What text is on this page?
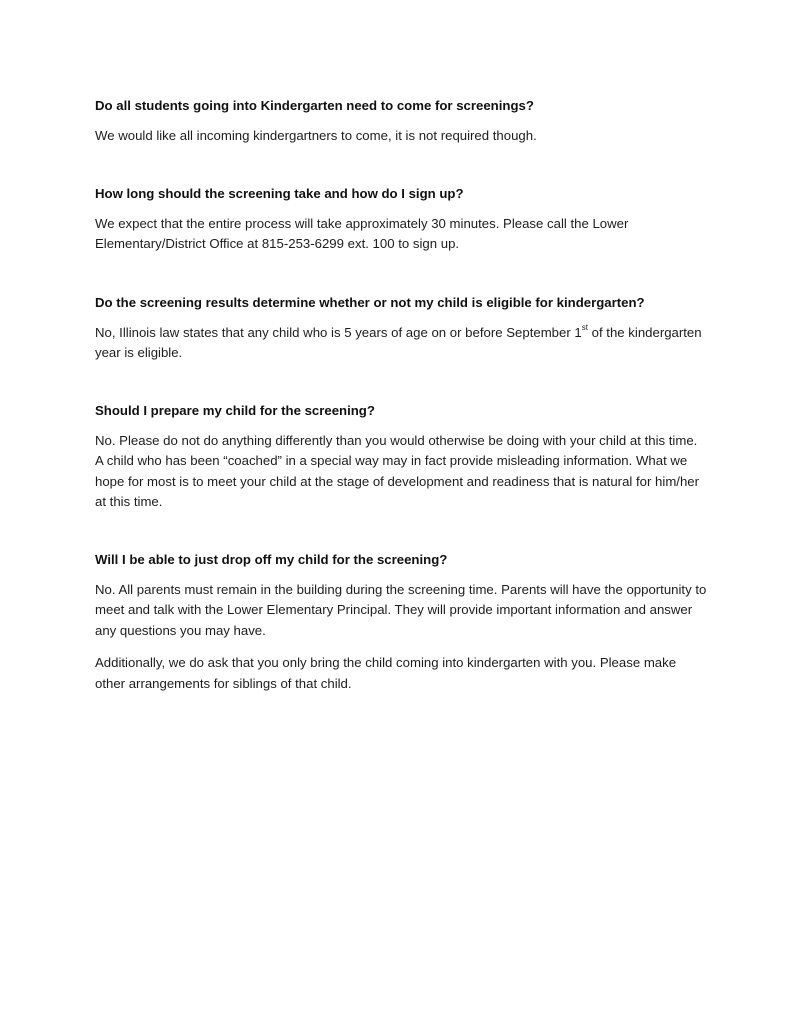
Do all students going into Kindergarten need to come for screenings?

We would like all incoming kindergartners to come, it is not required though.

How long should the screening take and how do I sign up?

We expect that the entire process will take approximately 30 minutes. Please call the Lower Elementary/District Office at 815-253-6299 ext. 100 to sign up.

Do the screening results determine whether or not my child is eligible for kindergarten?

No, Illinois law states that any child who is 5 years of age on or before September 1st of the kindergarten year is eligible.

Should I prepare my child for the screening?

No. Please do not do anything differently than you would otherwise be doing with your child at this time. A child who has been “coached” in a special way may in fact provide misleading information. What we hope for most is to meet your child at the stage of development and readiness that is natural for him/her at this time.

Will I be able to just drop off my child for the screening?

No. All parents must remain in the building during the screening time. Parents will have the opportunity to meet and talk with the Lower Elementary Principal. They will provide important information and answer any questions you may have.

Additionally, we do ask that you only bring the child coming into kindergarten with you. Please make other arrangements for siblings of that child.
